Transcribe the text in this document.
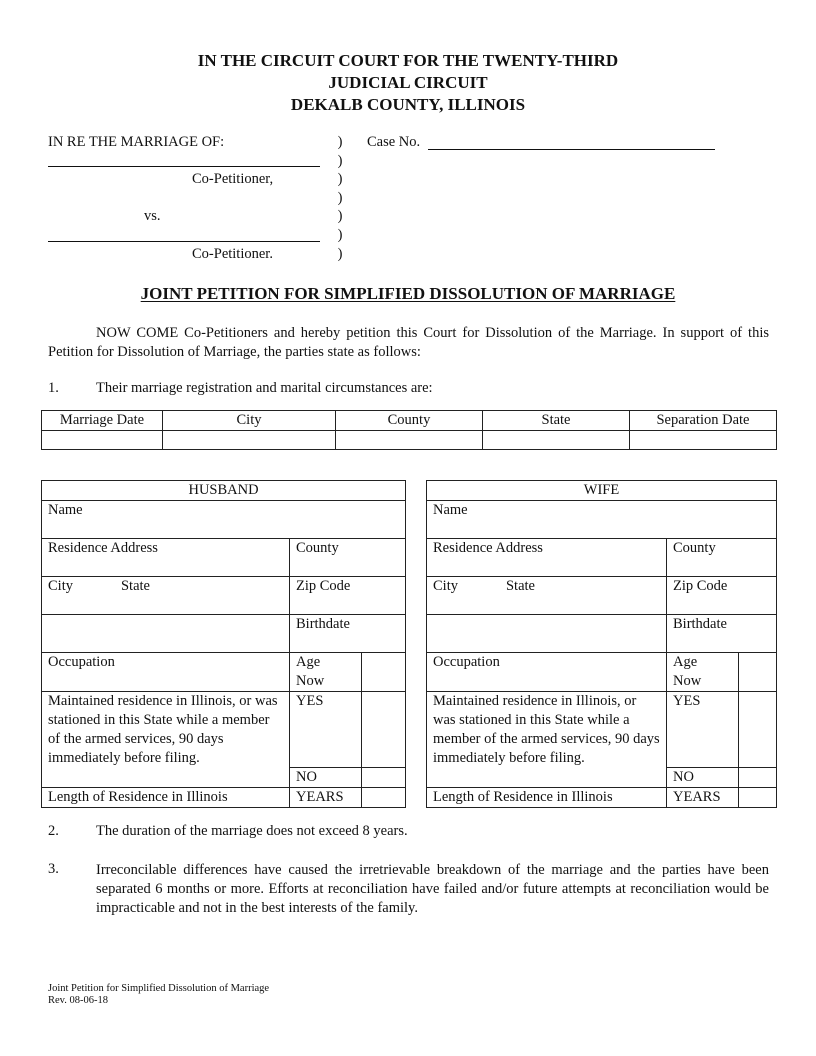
IN THE CIRCUIT COURT FOR THE TWENTY-THIRD
JUDICIAL CIRCUIT
DEKALB COUNTY, ILLINOIS
IN RE THE MARRIAGE OF:
Co-Petitioner,
vs.
Co-Petitioner.
)
)
)
)
)
)
)
Case No.
JOINT PETITION FOR SIMPLIFIED DISSOLUTION OF MARRIAGE
NOW COME Co-Petitioners and hereby petition this Court for Dissolution of the Marriage. In support of this Petition for Dissolution of Marriage, the parties state as follows:
1.	Their marriage registration and marital circumstances are:
Marriage Date	City	County	State	Separation Date

HUSBAND		
Name		
Residence Address	County	
City State	Zip Code	
	Birthdate	
Occupation	Age
Now	
Maintained residence in Illinois, or was stationed in this State while a member of the armed services, 90 days immediately before filing.	YES	
	NO	
Length of Residence in Illinois	YEARS	
WIFE		
Name		
Residence Address	County	
City State	Zip Code	
	Birthdate	
Occupation	Age
Now	
Maintained residence in Illinois, or was stationed in this State while a member of the armed services, 90 days immediately before filing.	YES	
	NO	
Length of Residence in Illinois	YEARS	
2.	The duration of the marriage does not exceed 8 years.
3.	Irreconcilable differences have caused the irretrievable breakdown of the marriage and the parties have been separated 6 months or more. Efforts at reconciliation have failed and/or future attempts at reconciliation would be impracticable and not in the best interests of the family.
Joint Petition for Simplified Dissolution of Marriage
Rev. 08-06-18
